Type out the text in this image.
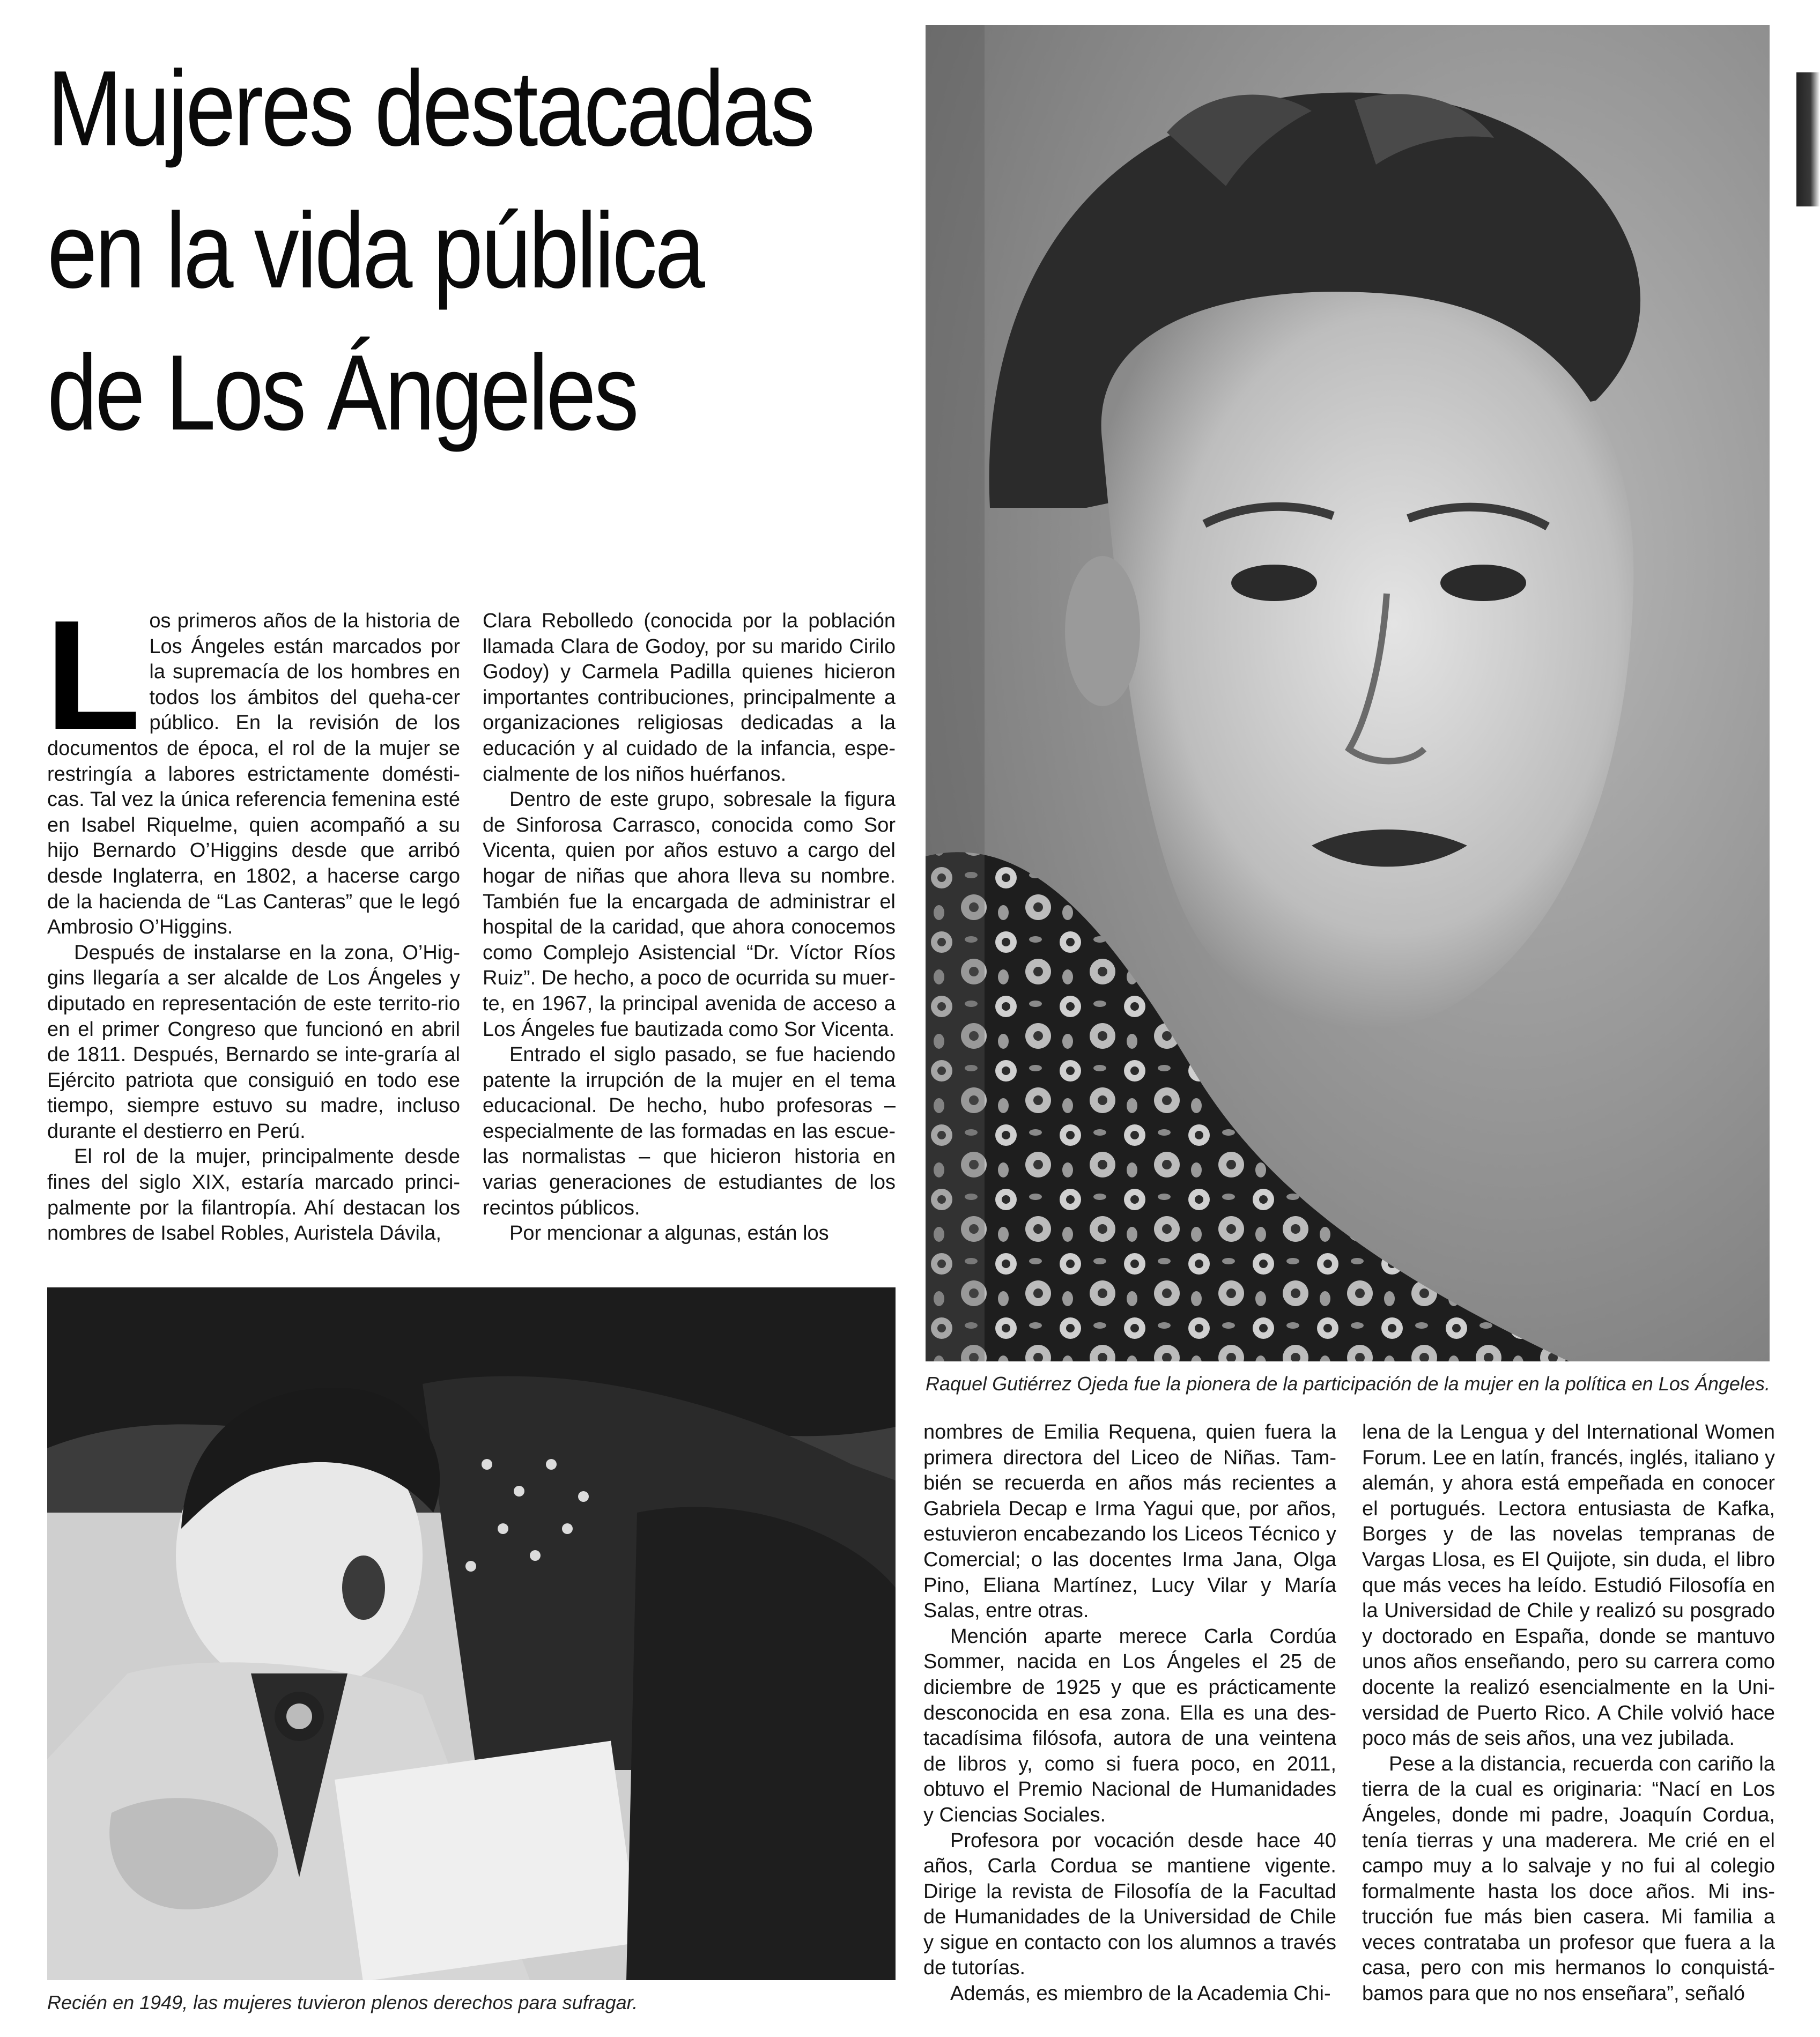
Mujeres destacadas
en la vida pública
de Los Ángeles

Raquel Gutiérrez Ojeda fue la pionera de la participación de la mujer en la política en Los Ángeles.

Recién en 1949, las mujeres tuvieron plenos derechos para sufragar.

L os primeros años de la historia de Los Ángeles están marcados por la supremacía de los hombres en todos los ámbitos del queha-cer público. En la revisión de los documentos de época, el rol de la mujer se restringía a labores estrictamente domésti-cas. Tal vez la única referencia femenina esté en Isabel Riquelme, quien acompañó a su hijo Bernardo O’Higgins desde que arribó desde Inglaterra, en 1802, a hacerse cargo de la hacienda de “Las Canteras” que le legó Ambrosio O’Higgins.

Después de instalarse en la zona, O’Hig-gins llegaría a ser alcalde de Los Ángeles y diputado en representación de este territo-rio en el primer Congreso que funcionó en abril de 1811. Después, Bernardo se inte-graría al Ejército patriota que consiguió en todo ese tiempo, siempre estuvo su madre, incluso durante el destierro en Perú.

El rol de la mujer, principalmente desde fines del siglo XIX, estaría marcado princi-palmente por la filantropía. Ahí destacan los nombres de Isabel Robles, Auristela Dávila,

Clara Rebolledo (conocida por la población llamada Clara de Godoy, por su marido Cirilo Godoy) y Carmela Padilla quienes hicieron importantes contribuciones, principalmente a organizaciones religiosas dedicadas a la educación y al cuidado de la infancia, espe-cialmente de los niños huérfanos.

Dentro de este grupo, sobresale la figura de Sinforosa Carrasco, conocida como Sor Vicenta, quien por años estuvo a cargo del hogar de niñas que ahora lleva su nombre. También fue la encargada de administrar el hospital de la caridad, que ahora conocemos como Complejo Asistencial “Dr. Víctor Ríos Ruiz”. De hecho, a poco de ocurrida su muer-te, en 1967, la principal avenida de acceso a Los Ángeles fue bautizada como Sor Vicenta.

Entrado el siglo pasado, se fue haciendo patente la irrupción de la mujer en el tema educacional. De hecho, hubo profesoras – especialmente de las formadas en las escue-las normalistas – que hicieron historia en varias generaciones de estudiantes de los recintos públicos.

Por mencionar a algunas, están los

nombres de Emilia Requena, quien fuera la primera directora del Liceo de Niñas. Tam-bién se recuerda en años más recientes a Gabriela Decap e Irma Yagui que, por años, estuvieron encabezando los Liceos Técnico y Comercial; o las docentes Irma Jana, Olga Pino, Eliana Martínez, Lucy Vilar y María Salas, entre otras.

Mención aparte merece Carla Cordúa Sommer, nacida en Los Ángeles el 25 de diciembre de 1925 y que es prácticamente desconocida en esa zona. Ella es una des-tacadísima filósofa, autora de una veintena de libros y, como si fuera poco, en 2011, obtuvo el Premio Nacional de Humanidades y Ciencias Sociales.

Profesora por vocación desde hace 40 años, Carla Cordua se mantiene vigente. Dirige la revista de Filosofía de la Facultad de Humanidades de la Universidad de Chile y sigue en contacto con los alumnos a través de tutorías.

Además, es miembro de la Academia Chi-

lena de la Lengua y del International Women Forum. Lee en latín, francés, inglés, italiano y alemán, y ahora está empeñada en conocer el portugués. Lectora entusiasta de Kafka, Borges y de las novelas tempranas de Vargas Llosa, es El Quijote, sin duda, el libro que más veces ha leído. Estudió Filosofía en la Universidad de Chile y realizó su posgrado y doctorado en España, donde se mantuvo unos años enseñando, pero su carrera como docente la realizó esencialmente en la Uni-versidad de Puerto Rico. A Chile volvió hace poco más de seis años, una vez jubilada.

Pese a la distancia, recuerda con cariño la tierra de la cual es originaria: “Nací en Los Ángeles, donde mi padre, Joaquín Cordua, tenía tierras y una maderera. Me crié en el campo muy a lo salvaje y no fui al colegio formalmente hasta los doce años. Mi ins-trucción fue más bien casera. Mi familia a veces contrataba un profesor que fuera a la casa, pero con mis hermanos lo conquistá-bamos para que no nos enseñara”, señaló
